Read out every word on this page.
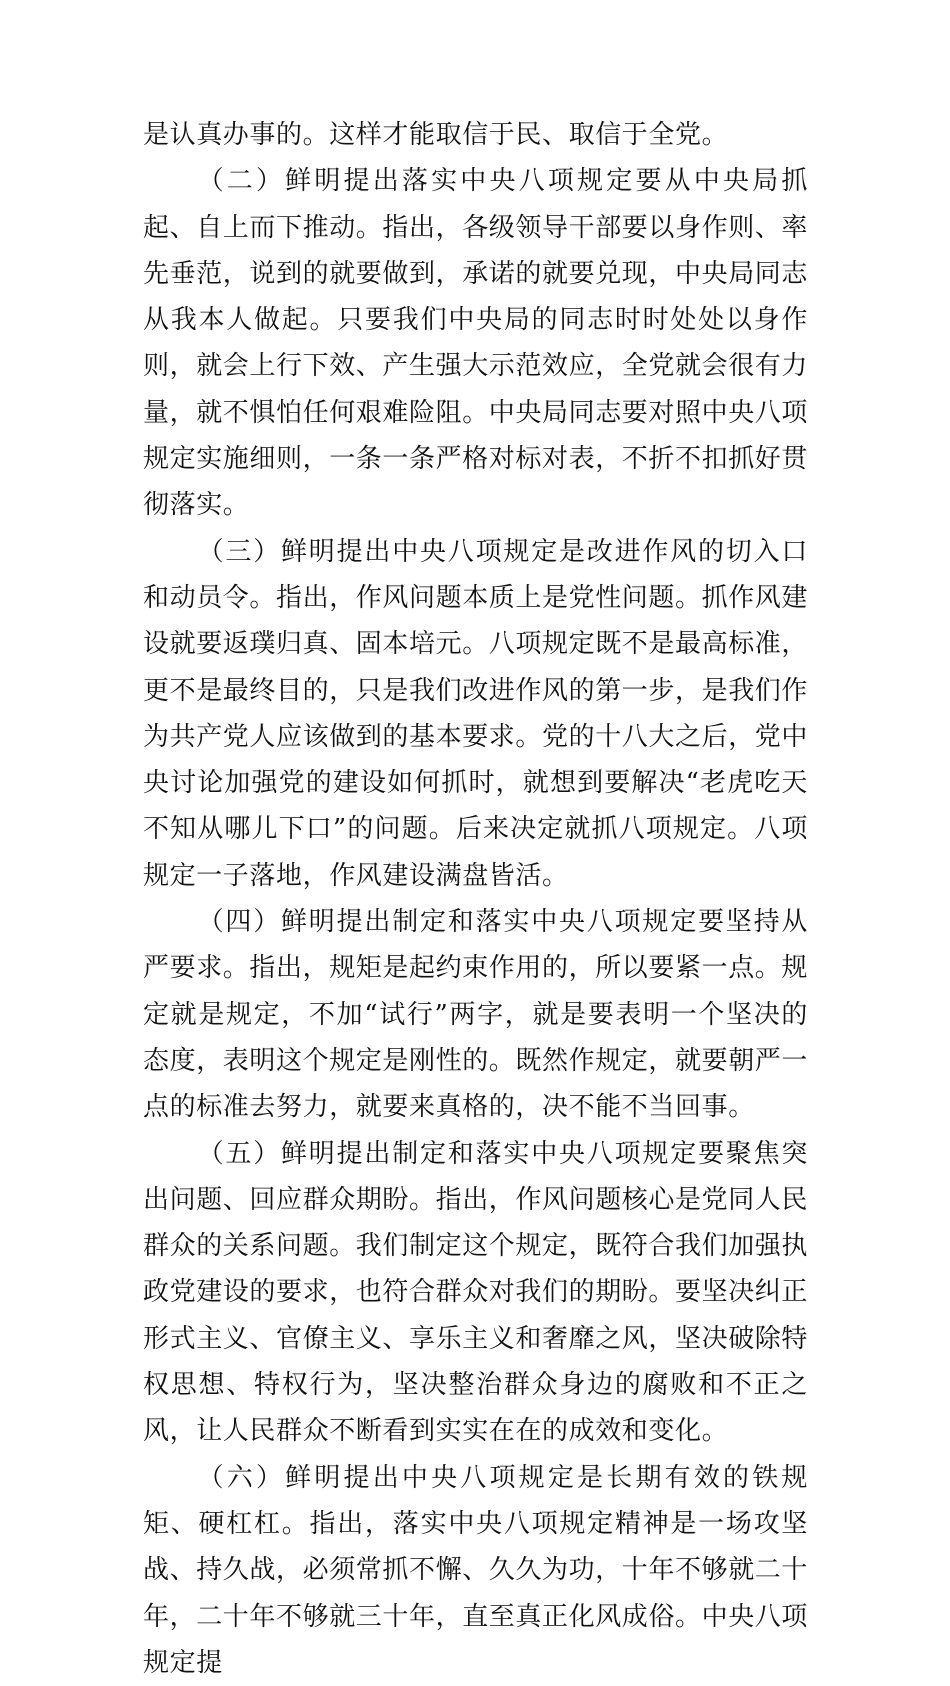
是认真办事的。这样才能取信于民、取信于全党。

（二）鲜明提出落实中央八项规定要从中央局抓起、自上而下推动。指出，各级领导干部要以身作则、率先垂范，说到的就要做到，承诺的就要兑现，中央局同志从我本人做起。只要我们中央局的同志时时处处以身作则，就会上行下效、产生强大示范效应，全党就会很有力量，就不惧怕任何艰难险阻。中央局同志要对照中央八项规定实施细则，一条一条严格对标对表，不折不扣抓好贯彻落实。

（三）鲜明提出中央八项规定是改进作风的切入口和动员令。指出，作风问题本质上是党性问题。抓作风建设就要返璞归真、固本培元。八项规定既不是最高标准，更不是最终目的，只是我们改进作风的第一步，是我们作为共产党人应该做到的基本要求。党的十八大之后，党中央讨论加强党的建设如何抓时，就想到要解决“老虎吃天不知从哪儿下口”的问题。后来决定就抓八项规定。八项规定一子落地，作风建设满盘皆活。

（四）鲜明提出制定和落实中央八项规定要坚持从严要求。指出，规矩是起约束作用的，所以要紧一点。规定就是规定，不加“试行”两字，就是要表明一个坚决的态度，表明这个规定是刚性的。既然作规定，就要朝严一点的标准去努力，就要来真格的，决不能不当回事。

（五）鲜明提出制定和落实中央八项规定要聚焦突出问题、回应群众期盼。指出，作风问题核心是党同人民群众的关系问题。我们制定这个规定，既符合我们加强执政党建设的要求，也符合群众对我们的期盼。要坚决纠正形式主义、官僚主义、享乐主义和奢靡之风，坚决破除特权思想、特权行为，坚决整治群众身边的腐败和不正之风，让人民群众不断看到实实在在的成效和变化。

（六）鲜明提出中央八项规定是长期有效的铁规矩、硬杠杠。指出，落实中央八项规定精神是一场攻坚战、持久战，必须常抓不懈、久久为功，十年不够就二十年，二十年不够就三十年，直至真正化风成俗。中央八项规定提
